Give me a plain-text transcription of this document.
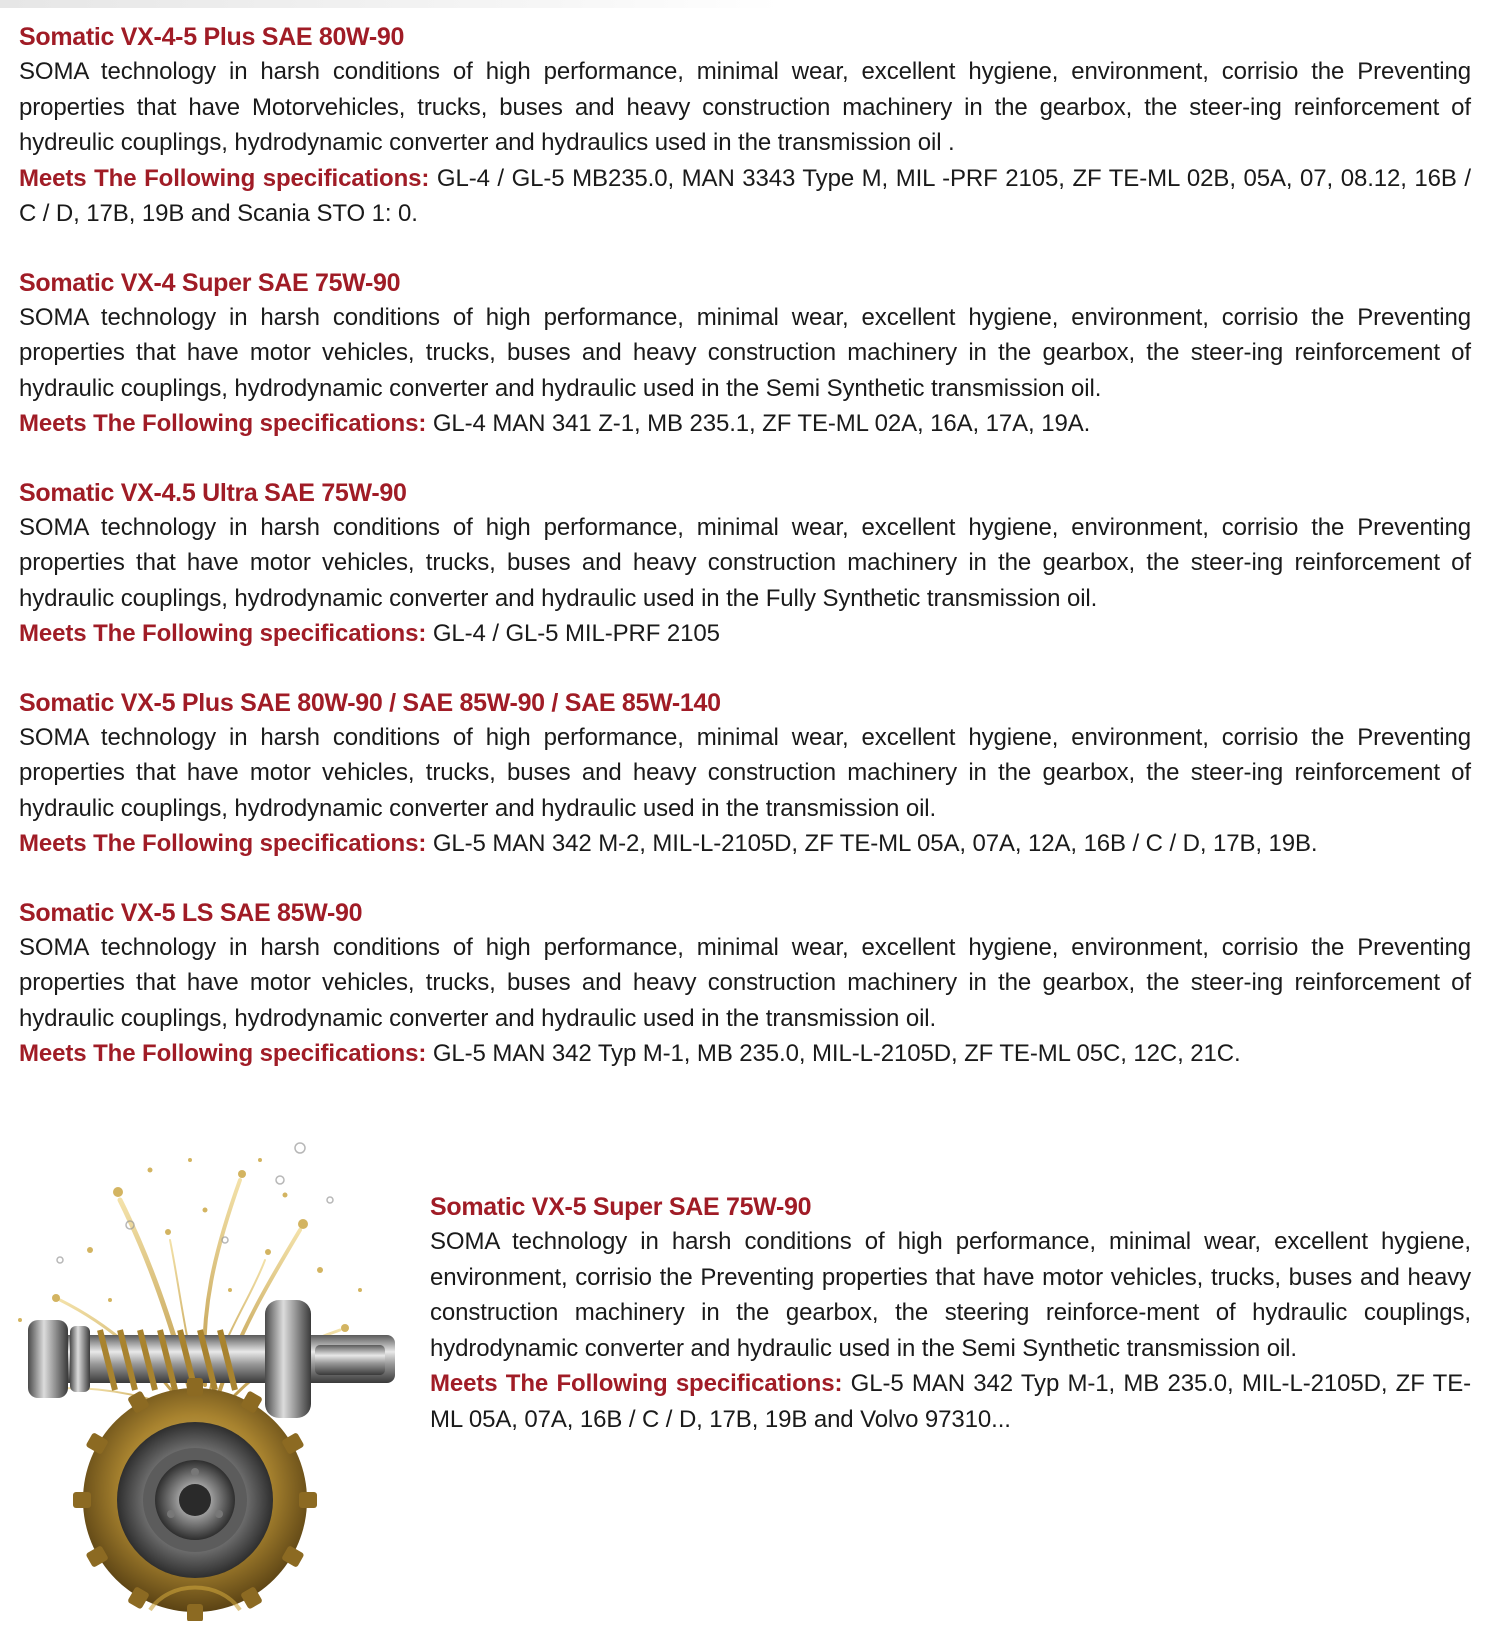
Somatic VX-4-5 Plus SAE 80W-90

SOMA technology in harsh conditions of high performance, minimal wear, excellent hygiene, environment, corrisio the Preventing properties that have Motorvehicles, trucks, buses and heavy construction machinery in the gearbox, the steer-ing reinforcement of hydreulic couplings, hydrodynamic converter and hydraulics used in the transmission oil .

Meets The Following specifications: GL-4 / GL-5 MB235.0, MAN 3343 Type M, MIL -PRF 2105, ZF TE-ML 02B, 05A, 07, 08.12, 16B / C / D, 17B, 19B and Scania STO 1: 0.

Somatic VX-4 Super SAE 75W-90

SOMA technology in harsh conditions of high performance, minimal wear, excellent hygiene, environment, corrisio the Preventing properties that have motor vehicles, trucks, buses and heavy construction machinery in the gearbox, the steer-ing reinforcement of hydraulic couplings, hydrodynamic converter and hydraulic used in the Semi Synthetic transmission oil.

Meets The Following specifications: GL-4 MAN 341 Z-1, MB 235.1, ZF TE-ML 02A, 16A, 17A, 19A.

Somatic VX-4.5 Ultra SAE 75W-90

SOMA technology in harsh conditions of high performance, minimal wear, excellent hygiene, environment, corrisio the Preventing properties that have motor vehicles, trucks, buses and heavy construction machinery in the gearbox, the steer-ing reinforcement of hydraulic couplings, hydrodynamic converter and hydraulic used in the Fully Synthetic transmission oil.

Meets The Following specifications: GL-4 / GL-5 MIL-PRF 2105

Somatic VX-5 Plus SAE 80W-90 / SAE 85W-90 / SAE 85W-140

SOMA technology in harsh conditions of high performance, minimal wear, excellent hygiene, environment, corrisio the Preventing properties that have motor vehicles, trucks, buses and heavy construction machinery in the gearbox, the steer-ing reinforcement of hydraulic couplings, hydrodynamic converter and hydraulic used in the transmission oil.

Meets The Following specifications: GL-5 MAN 342 M-2, MIL-L-2105D, ZF TE-ML 05A, 07A, 12A, 16B / C / D, 17B, 19B.

Somatic VX-5 LS SAE 85W-90

SOMA technology in harsh conditions of high performance, minimal wear, excellent hygiene, environment, corrisio the Preventing properties that have motor vehicles, trucks, buses and heavy construction machinery in the gearbox, the steer-ing reinforcement of hydraulic couplings, hydrodynamic converter and hydraulic used in the transmission oil.

Meets The Following specifications: GL-5 MAN 342 Typ M-1, MB 235.0, MIL-L-2105D, ZF TE-ML 05C, 12C, 21C.

Somatic VX-5 Super SAE 75W-90

SOMA technology in harsh conditions of high performance, minimal wear, excellent hygiene, environment, corrisio the Preventing properties that have motor vehicles, trucks, buses and heavy construction machinery in the gearbox, the steering reinforce-ment of hydraulic couplings, hydrodynamic converter and hydraulic used in the Semi Synthetic transmission oil.

Meets The Following specifications: GL-5 MAN 342 Typ M-1, MB 235.0, MIL-L-2105D, ZF TE-ML 05A, 07A, 16B / C / D, 17B, 19B and Volvo 97310...
